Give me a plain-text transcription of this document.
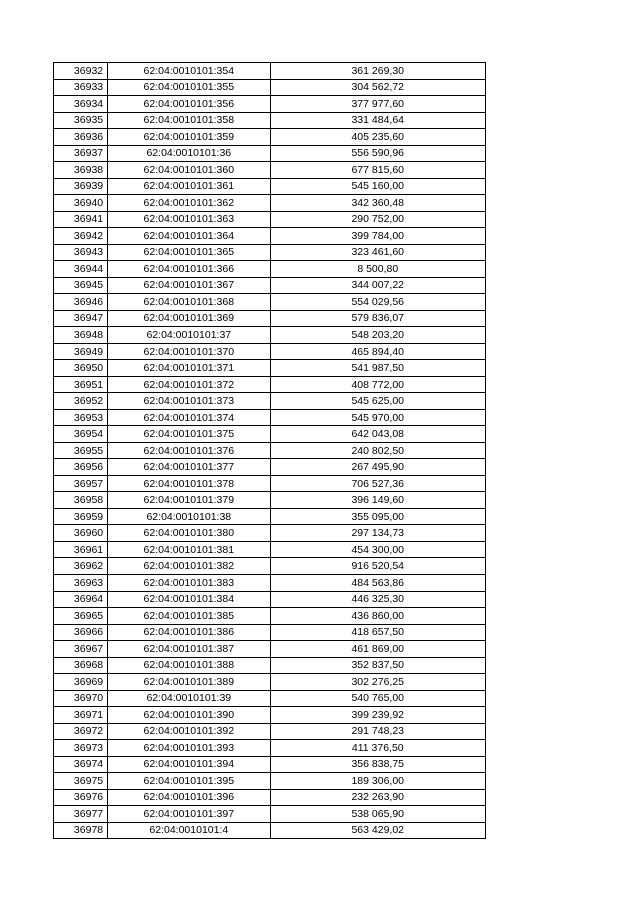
36932	62:04:0010101:354	361 269,30
36933	62:04:0010101:355	304 562,72
36934	62:04:0010101:356	377 977,60
36935	62:04:0010101:358	331 484,64
36936	62:04:0010101:359	405 235,60
36937	62:04:0010101:36	556 590,96
36938	62:04:0010101:360	677 815,60
36939	62:04:0010101:361	545 160,00
36940	62:04:0010101:362	342 360,48
36941	62:04:0010101:363	290 752,00
36942	62:04:0010101:364	399 784,00
36943	62:04:0010101:365	323 461,60
36944	62:04:0010101:366	8 500,80
36945	62:04:0010101:367	344 007,22
36946	62:04:0010101:368	554 029,56
36947	62:04:0010101:369	579 836,07
36948	62:04:0010101:37	548 203,20
36949	62:04:0010101:370	465 894,40
36950	62:04:0010101:371	541 987,50
36951	62:04:0010101:372	408 772,00
36952	62:04:0010101:373	545 625,00
36953	62:04:0010101:374	545 970,00
36954	62:04:0010101:375	642 043,08
36955	62:04:0010101:376	240 802,50
36956	62:04:0010101:377	267 495,90
36957	62:04:0010101:378	706 527,36
36958	62:04:0010101:379	396 149,60
36959	62:04:0010101:38	355 095,00
36960	62:04:0010101:380	297 134,73
36961	62:04:0010101:381	454 300,00
36962	62:04:0010101:382	916 520,54
36963	62:04:0010101:383	484 563,86
36964	62:04:0010101:384	446 325,30
36965	62:04:0010101:385	436 860,00
36966	62:04:0010101:386	418 657,50
36967	62:04:0010101:387	461 869,00
36968	62:04:0010101:388	352 837,50
36969	62:04:0010101:389	302 276,25
36970	62:04:0010101:39	540 765,00
36971	62:04:0010101:390	399 239,92
36972	62:04:0010101:392	291 748,23
36973	62:04:0010101:393	411 376,50
36974	62:04:0010101:394	356 838,75
36975	62:04:0010101:395	189 306,00
36976	62:04:0010101:396	232 263,90
36977	62:04:0010101:397	538 065,90
36978	62:04:0010101:4	563 429,02
